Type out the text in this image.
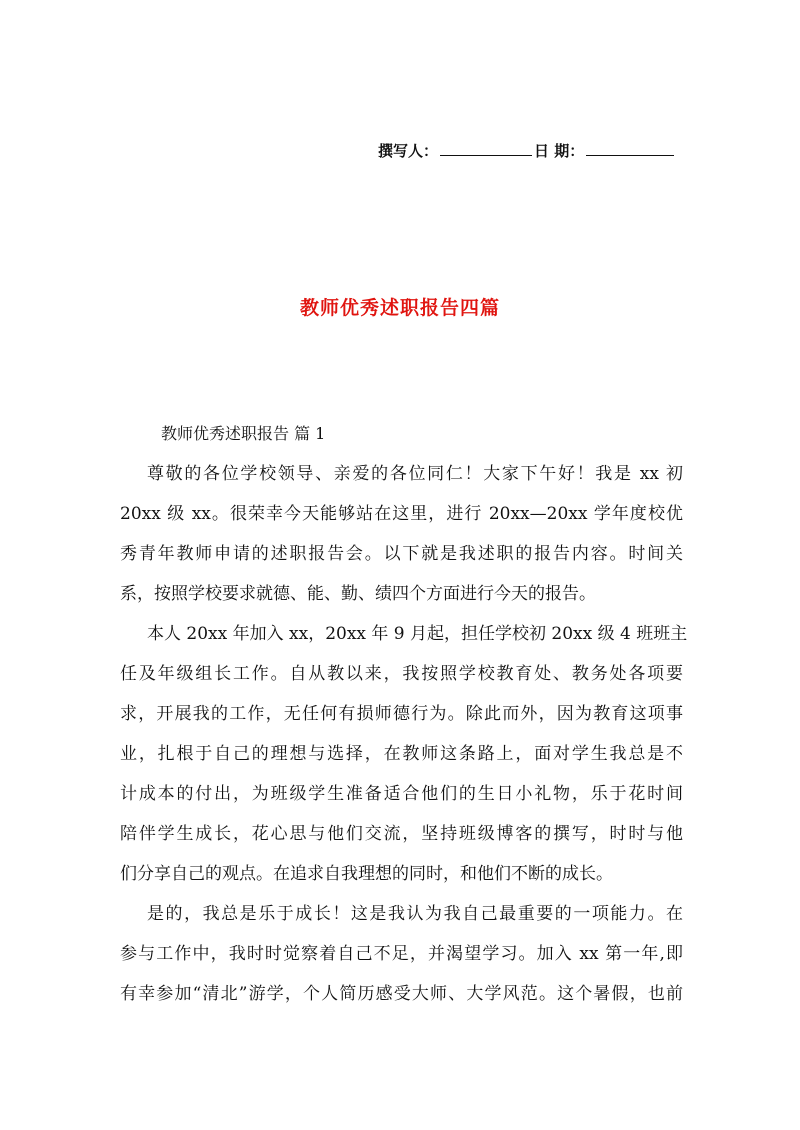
撰写人：	日 期：
教师优秀述职报告四篇
教师优秀述职报告 篇 1
尊敬的各位学校领导、亲爱的各位同仁！大家下午好！我是 xx 初
20xx 级 xx。很荣幸今天能够站在这里，进行 20xx—20xx 学年度校优
秀青年教师申请的述职报告会。以下就是我述职的报告内容。时间关
系，按照学校要求就德、能、勤、绩四个方面进行今天的报告。
本人 20xx 年加入 xx，20xx 年 9 月起，担任学校初 20xx 级 4 班班主
任及年级组长工作。自从教以来，我按照学校教育处、教务处各项要
求，开展我的工作，无任何有损师德行为。除此而外，因为教育这项事
业，扎根于自己的理想与选择，在教师这条路上，面对学生我总是不
计成本的付出，为班级学生准备适合他们的生日小礼物，乐于花时间
陪伴学生成长，花心思与他们交流，坚持班级博客的撰写，时时与他
们分享自己的观点。在追求自我理想的同时，和他们不断的成长。
是的，我总是乐于成长！这是我认为我自己最重要的一项能力。在
参与工作中，我时时觉察着自己不足，并渴望学习。加入 xx 第一年,即
有幸参加“清北”游学，个人简历感受大师、大学风范。这个暑假，也前
